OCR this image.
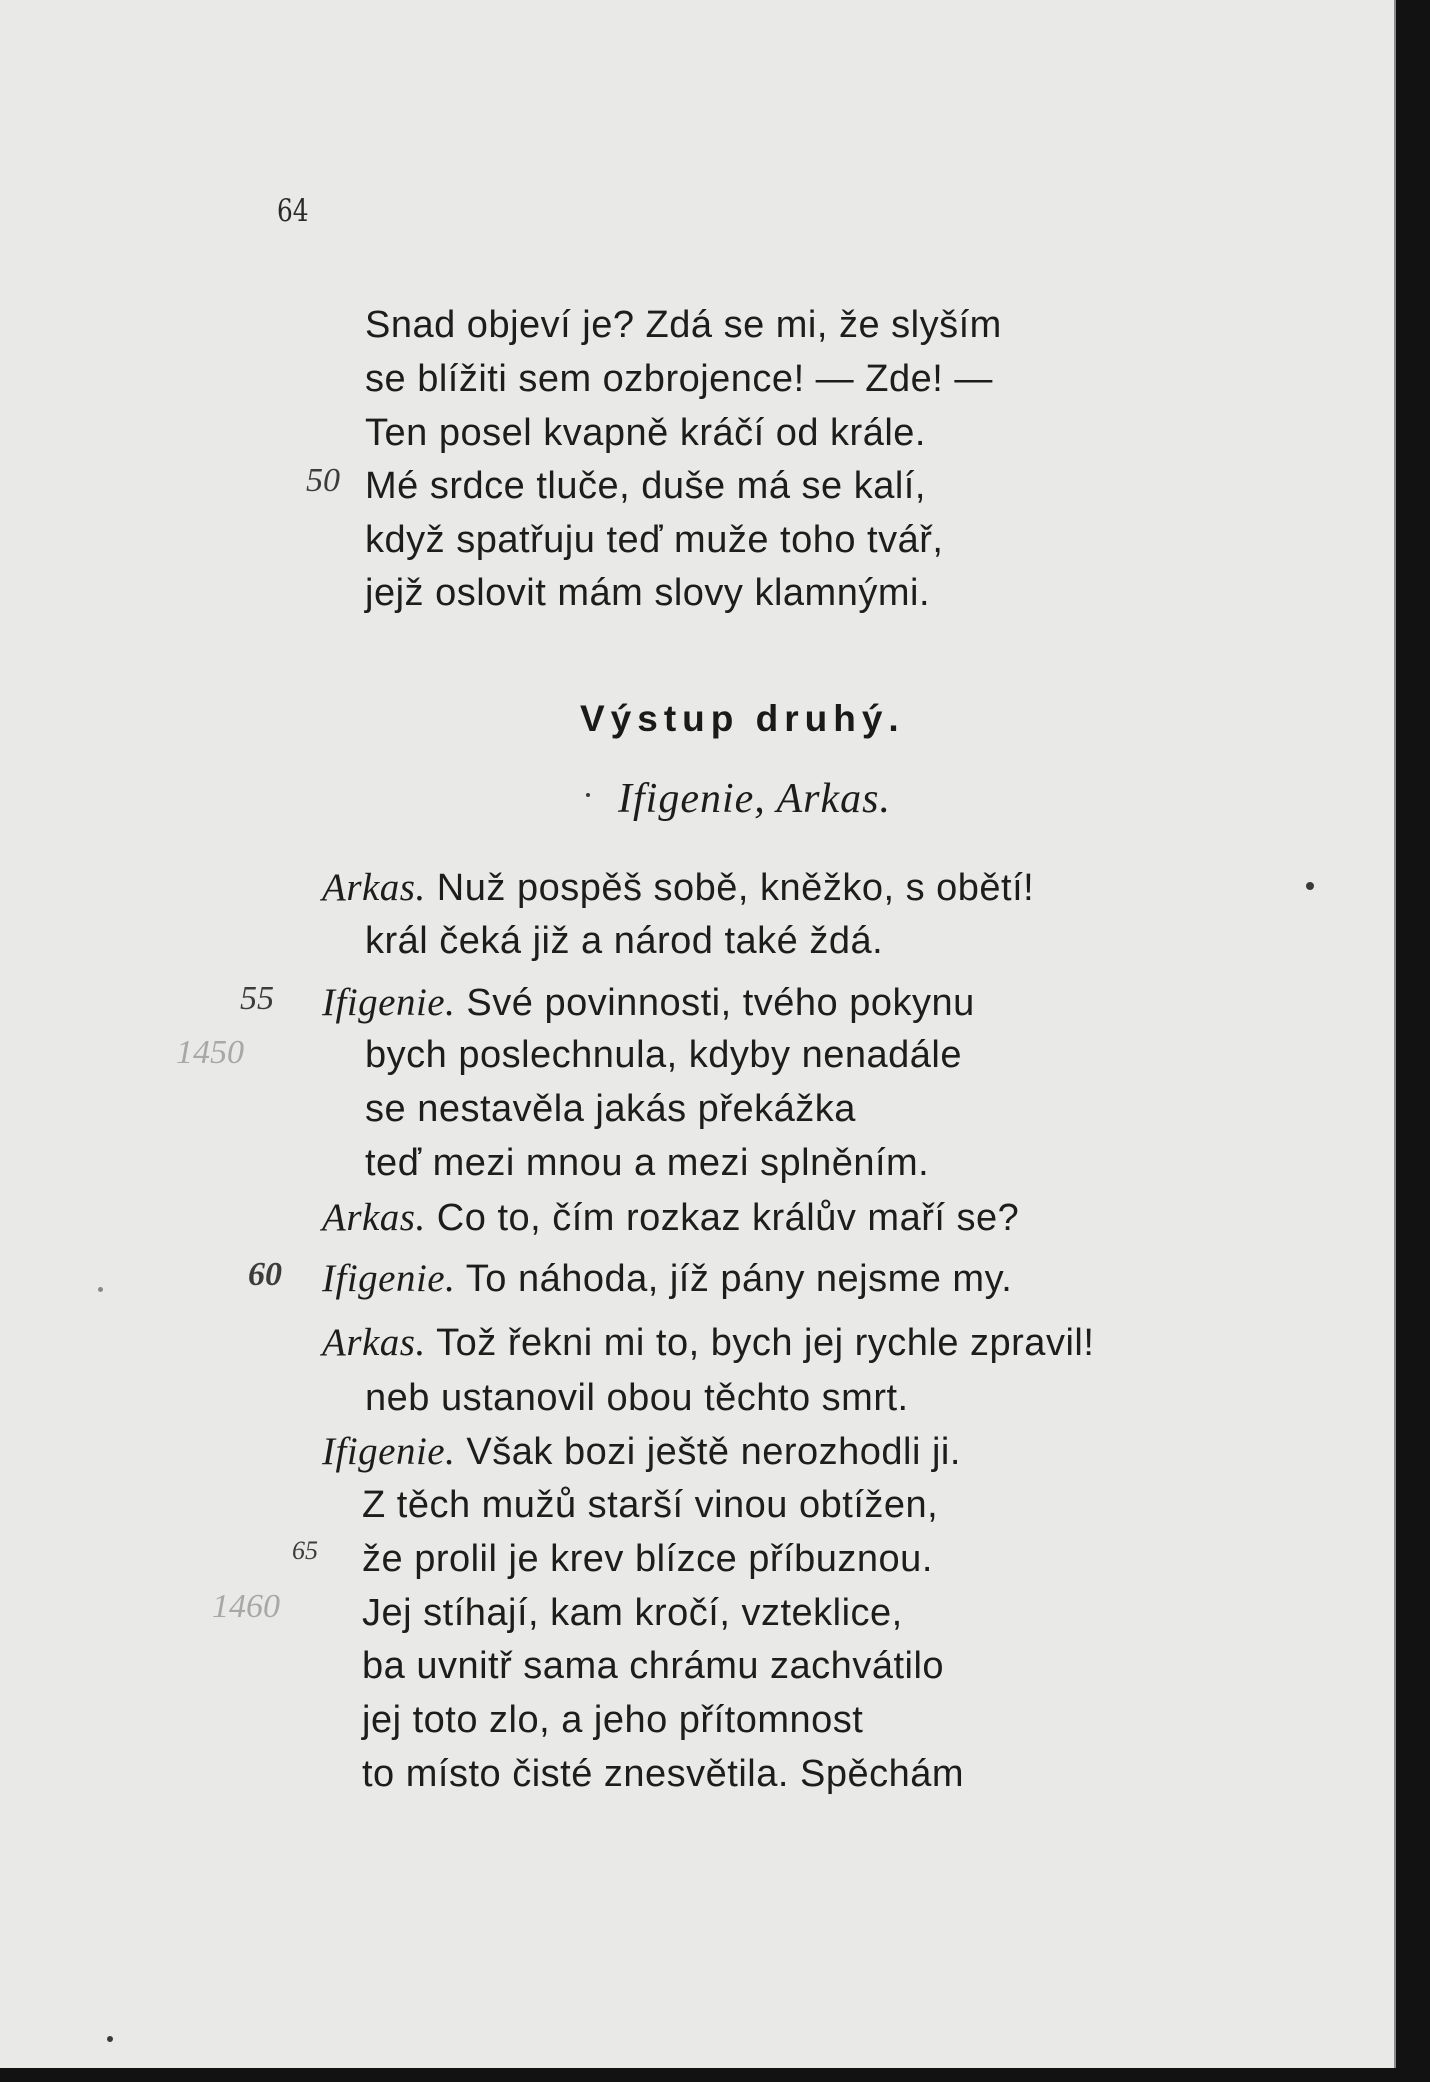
64
Snad objeví je? Zdá se mi, že slyším
se blížiti sem ozbrojence! — Zde! —
Ten posel kvapně kráčí od krále.
Mé srdce tluče, duše má se kalí,
když spatřuju teď muže toho tvář,
jejž oslovit mám slovy klamnými.
Výstup druhý.
Ifigenie, Arkas.
Arkas. Nuž pospěš sobě, kněžko, s obětí!
král čeká již a národ také ždá.
Ifigenie. Své povinnosti, tvého pokynu
bych poslechnula, kdyby nenadále
se nestavěla jakás překážka
teď mezi mnou a mezi splněním.
Arkas. Co to, čím rozkaz králův maří se?
Ifigenie. To náhoda, jíž pány nejsme my.
Arkas. Tož řekni mi to, bych jej rychle zpravil!
neb ustanovil obou těchto smrt.
Ifigenie. Však bozi ještě nerozhodli ji.
Z těch mužů starší vinou obtížen,
že prolil je krev blízce příbuznou.
Jej stíhají, kam kročí, vzteklice,
ba uvnitř sama chrámu zachvátilo
jej toto zlo, a jeho přítomnost
to místo čisté znesvětila. Spěchám
50
55
60
65
1450
1460
